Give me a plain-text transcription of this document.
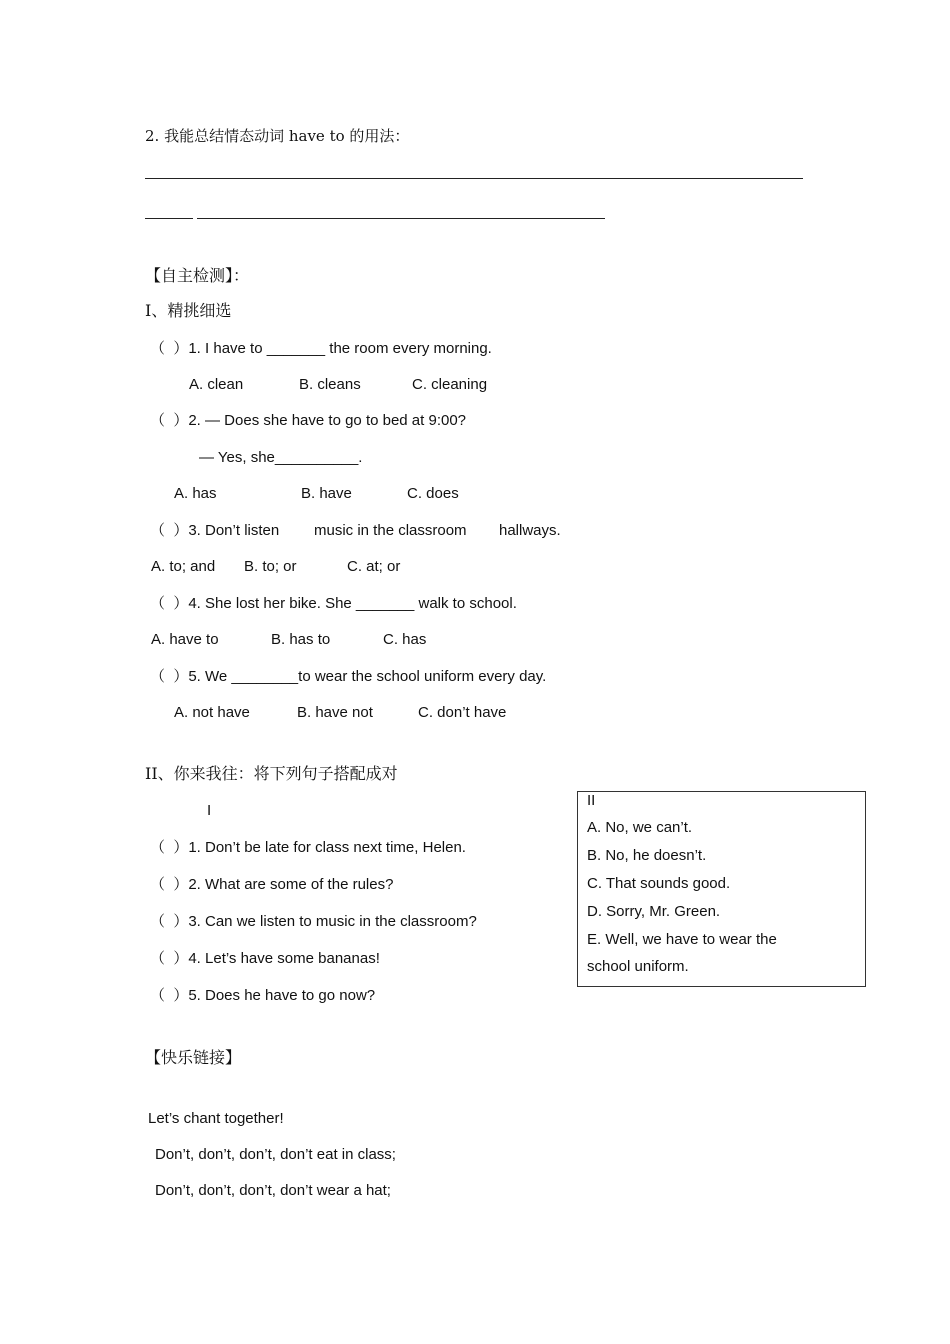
2. 我能总结情态动词 have to 的用法：
【自主检测】：
I、精挑细选
（  ）1. I have to _______ the room every morning.
A. clean	B. cleans	C. cleaning
（  ）2. — Does she have to go to bed at 9:00?
— Yes, she__________.
A. has	B. have	C. does
（  ）3. Don’t listen music in the classroom hallways.
A. to; and B. to; or	C. at; or
（  ）4. She lost her bike. She _______ walk to school.
A. have to	B. has to	C. has
（  ）5. We ________to wear the school uniform every day.
A. not have	B. have not	C. don’t have
II、你来我往：将下列句子搭配成对
I
（  ）1. Don’t be late for class next time, Helen.
（  ）2. What are some of the rules?
（  ）3. Can we listen to music in the classroom?
（  ）4. Let’s have some bananas!
（  ）5. Does he have to go now?
II
A. No, we can’t.
B. No, he doesn’t.
C. That sounds good.
D. Sorry, Mr. Green.
E. Well, we have to wear the
school uniform.
【快乐链接】
Let’s chant together!
Don’t, don’t, don’t, don’t eat in class;
Don’t, don’t, don’t, don’t wear a hat;
